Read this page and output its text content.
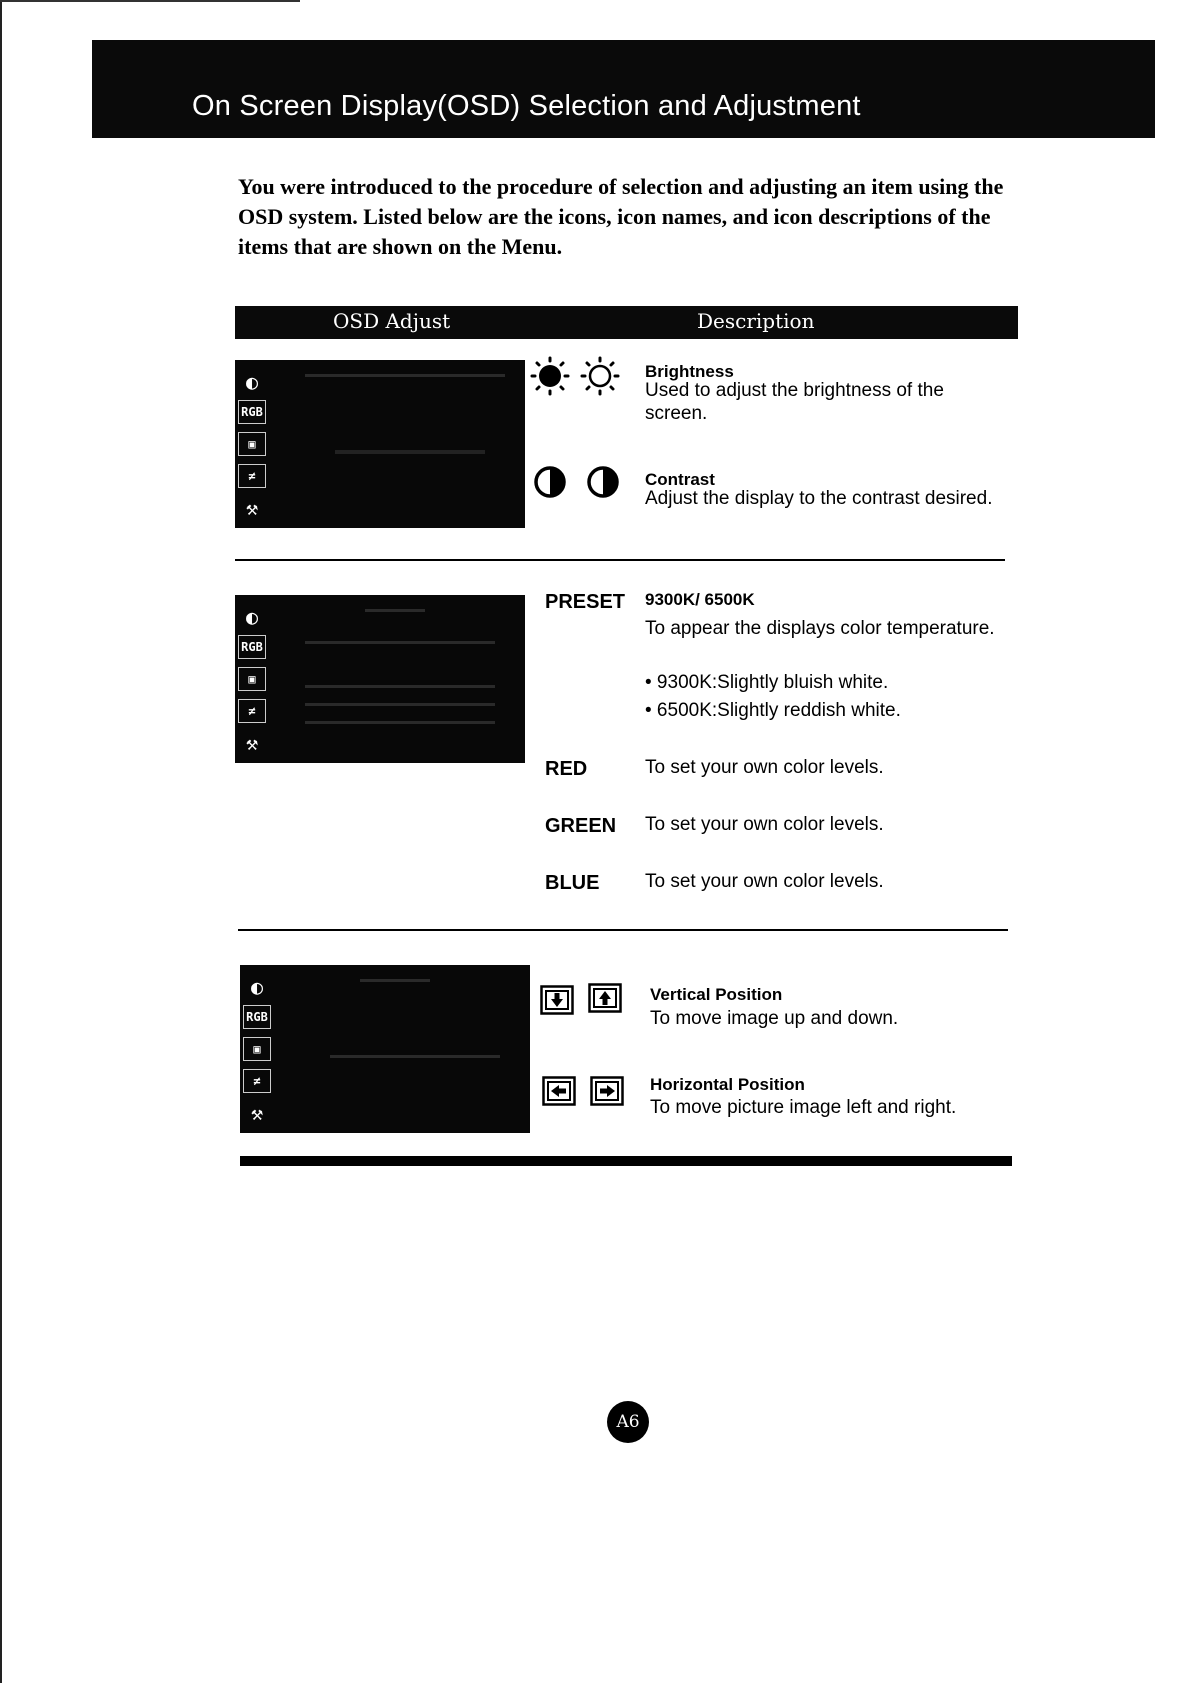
On Screen Display(OSD) Selection and Adjustment
You were introduced to the procedure of selection and adjusting an item using the OSD system. Listed below are the icons, icon names, and icon descriptions of the items that are shown on the Menu.
OSD Adjust	Description
◐
RGB
▣
≠
⚒
Brightness
Used to adjust the brightness of the screen.
Contrast
Adjust the display to the contrast desired.
◐
RGB
▣
≠
⚒
PRESET 9300K/ 6500K
To appear the displays color temperature.
• 9300K:Slightly bluish white.
• 6500K:Slightly reddish white.
RED	To set your own color levels.
GREEN To set your own color levels.
BLUE To set your own color levels.
◐
RGB
▣
≠
⚒
Vertical Position
To move image up and down.
Horizontal Position
To move picture image left and right.
A6
